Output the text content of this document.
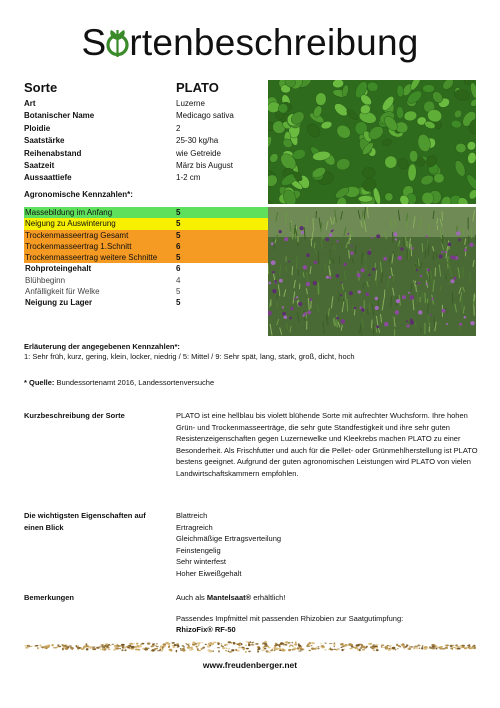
S rtenbeschreibung
Sorte	PLATO
Art	Luzerne
Botanischer Name	Medicago sativa
Ploidie	2
Saatstärke	25-30 kg/ha
Reihenabstand	wie Getreide
Saatzeit	März bis August
Aussaattiefe	1-2 cm
Agronomische Kennzahlen*:
Massebildung im Anfang	5
Neigung zu Auswinterung	5
Trockenmasseertrag Gesamt	5
Trockenmasseertrag 1.Schnitt	6
Trockenmasseertrag weitere Schnitte 5
Rohproteingehalt	6
Blühbeginn	4
Anfälligkeit für Welke	5
Neigung zu Lager	5
Erläuterung der angegebenen Kennzahlen*:
1: Sehr früh, kurz, gering, klein, locker, niedrig / 5: Mittel / 9: Sehr spät, lang, stark, groß, dicht, hoch
* Quelle: Bundessortenamt 2016, Landessortenversuche
Kurzbeschreibung der Sorte	PLATO ist eine hellblau bis violett blühende Sorte mit aufrechter Wuchsform. Ihre hohen Grün- und Trockenmasseerträge, die sehr gute Standfestigkeit und ihre sehr guten Resistenzeigenschaften gegen Luzernewelke und Kleekrebs machen PLATO zu einer Besonderheit. Als Frischfutter und auch für die Pellet- oder Grünmehlherstellung ist PLATO bestens geeignet. Aufgrund der guten agronomischen Leistungen wird PLATO von vielen Landwirtschaftskammern empfohlen.
Die wichtigsten Eigenschaften auf einen Blick
Blattreich
Ertragreich
Gleichmäßige Ertragsverteilung
Feinstengelig
Sehr winterfest
Hoher Eiweißgehalt
Bemerkungen	Auch als Mantelsaat® erhältlich!
Passendes Impfmittel mit passenden Rhizobien zur Saatgutimpfung:
RhizoFix® RF-50
www.freudenberger.net
